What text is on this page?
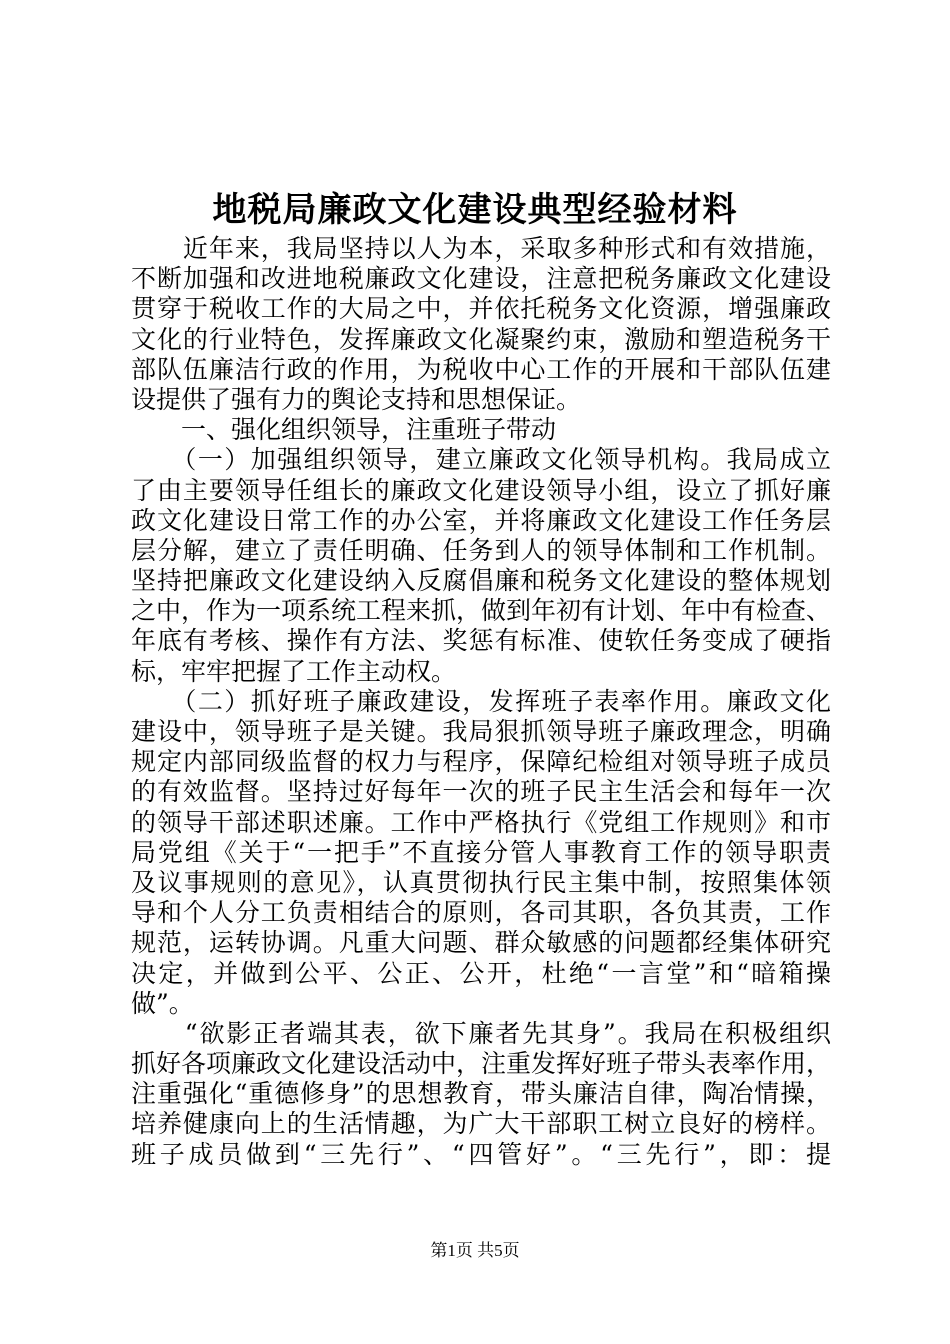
地税局廉政文化建设典型经验材料
　　近年来，我局坚持以人为本，采取多种形式和有效措施，
不断加强和改进地税廉政文化建设，注意把税务廉政文化建设
贯穿于税收工作的大局之中，并依托税务文化资源，增强廉政
文化的行业特色，发挥廉政文化凝聚约束，激励和塑造税务干
部队伍廉洁行政的作用，为税收中心工作的开展和干部队伍建
设提供了强有力的舆论支持和思想保证。
　　一、强化组织领导，注重班子带动
　　（一）加强组织领导，建立廉政文化领导机构。我局成立
了由主要领导任组长的廉政文化建设领导小组，设立了抓好廉
政文化建设日常工作的办公室，并将廉政文化建设工作任务层
层分解，建立了责任明确、任务到人的领导体制和工作机制。
坚持把廉政文化建设纳入反腐倡廉和税务文化建设的整体规划
之中，作为一项系统工程来抓，做到年初有计划、年中有检查、
年底有考核、操作有方法、奖惩有标准、使软任务变成了硬指
标，牢牢把握了工作主动权。
　　（二）抓好班子廉政建设，发挥班子表率作用。廉政文化
建设中，领导班子是关键。我局狠抓领导班子廉政理念，明确
规定内部同级监督的权力与程序，保障纪检组对领导班子成员
的有效监督。坚持过好每年一次的班子民主生活会和每年一次
的领导干部述职述廉。工作中严格执行《党组工作规则》和市
局党组《关于“一把手”不直接分管人事教育工作的领导职责
及议事规则的意见》，认真贯彻执行民主集中制，按照集体领
导和个人分工负责相结合的原则，各司其职，各负其责，工作
规范，运转协调。凡重大问题、群众敏感的问题都经集体研究
决定，并做到公平、公正、公开，杜绝“一言堂”和“暗箱操
做”。
　　“欲影正者端其表，欲下廉者先其身”。我局在积极组织
抓好各项廉政文化建设活动中，注重发挥好班子带头表率作用，
注重强化“重德修身”的思想教育，带头廉洁自律，陶冶情操，
培养健康向上的生活情趣，为广大干部职工树立良好的榜样。
班子成员做到“三先行”、“四管好”。“三先行”，即：提
第1页 共5页
